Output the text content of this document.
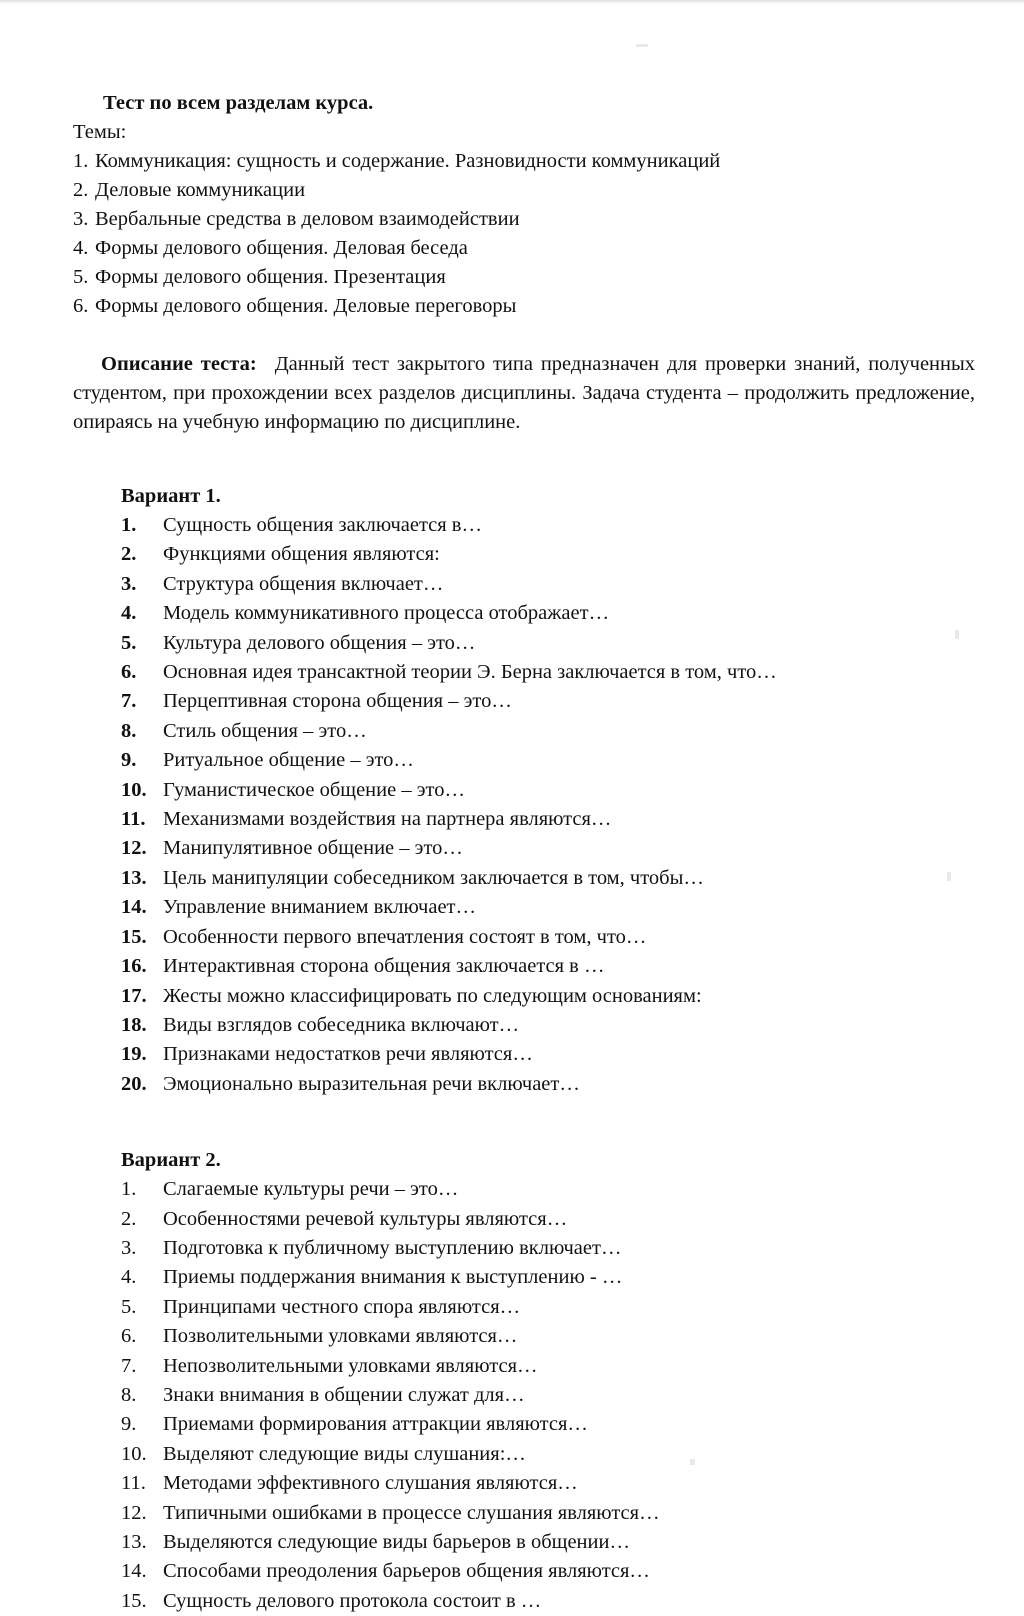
Тест по всем разделам курса.

Темы:

1. Коммуникация: сущность и содержание. Разновидности коммуникаций
2. Деловые коммуникации
3. Вербальные средства в деловом взаимодействии
4. Формы делового общения. Деловая беседа
5. Формы делового общения. Презентация
6. Формы делового общения. Деловые переговоры

Описание теста: Данный тест закрытого типа предназначен для проверки знаний, полученных студентом, при прохождении всех разделов дисциплины. Задача студента – продолжить предложение, опираясь на учебную информацию по дисциплине.

Вариант 1.

1.	Сущность общения заключается в…
2.	Функциями общения являются:
3.	Структура общения включает…
4.	Модель коммуникативного процесса отображает…
5.	Культура делового общения – это…
6.	Основная идея трансактной теории Э. Берна заключается в том, что…
7.	Перцептивная сторона общения – это…
8.	Стиль общения – это…
9.	Ритуальное общение – это…
10. Гуманистическое общение – это…
11. Механизмами воздействия на партнера являются…
12. Манипулятивное общение – это…
13. Цель манипуляции собеседником заключается в том, чтобы…
14. Управление вниманием включает…
15. Особенности первого впечатления состоят в том, что…
16. Интерактивная сторона общения заключается в …
17. Жесты можно классифицировать по следующим основаниям:
18. Виды взглядов собеседника включают…
19. Признаками недостатков речи являются…
20. Эмоционально выразительная речи включает…

Вариант 2.

1.	Слагаемые культуры речи – это…
2.	Особенностями речевой культуры являются…
3.	Подготовка к публичному выступлению включает…
4.	Приемы поддержания внимания к выступлению - …
5.	Принципами честного спора являются…
6.	Позволительными уловками являются…
7.	Непозволительными уловками являются…
8.	Знаки внимания в общении служат для…
9.	Приемами формирования аттракции являются…
10. Выделяют следующие виды слушания:…
11. Методами эффективного слушания являются…
12. Типичными ошибками в процессе слушания являются…
13. Выделяются следующие виды барьеров в общении…
14. Способами преодоления барьеров общения являются…
15. Сущность делового протокола состоит в …
